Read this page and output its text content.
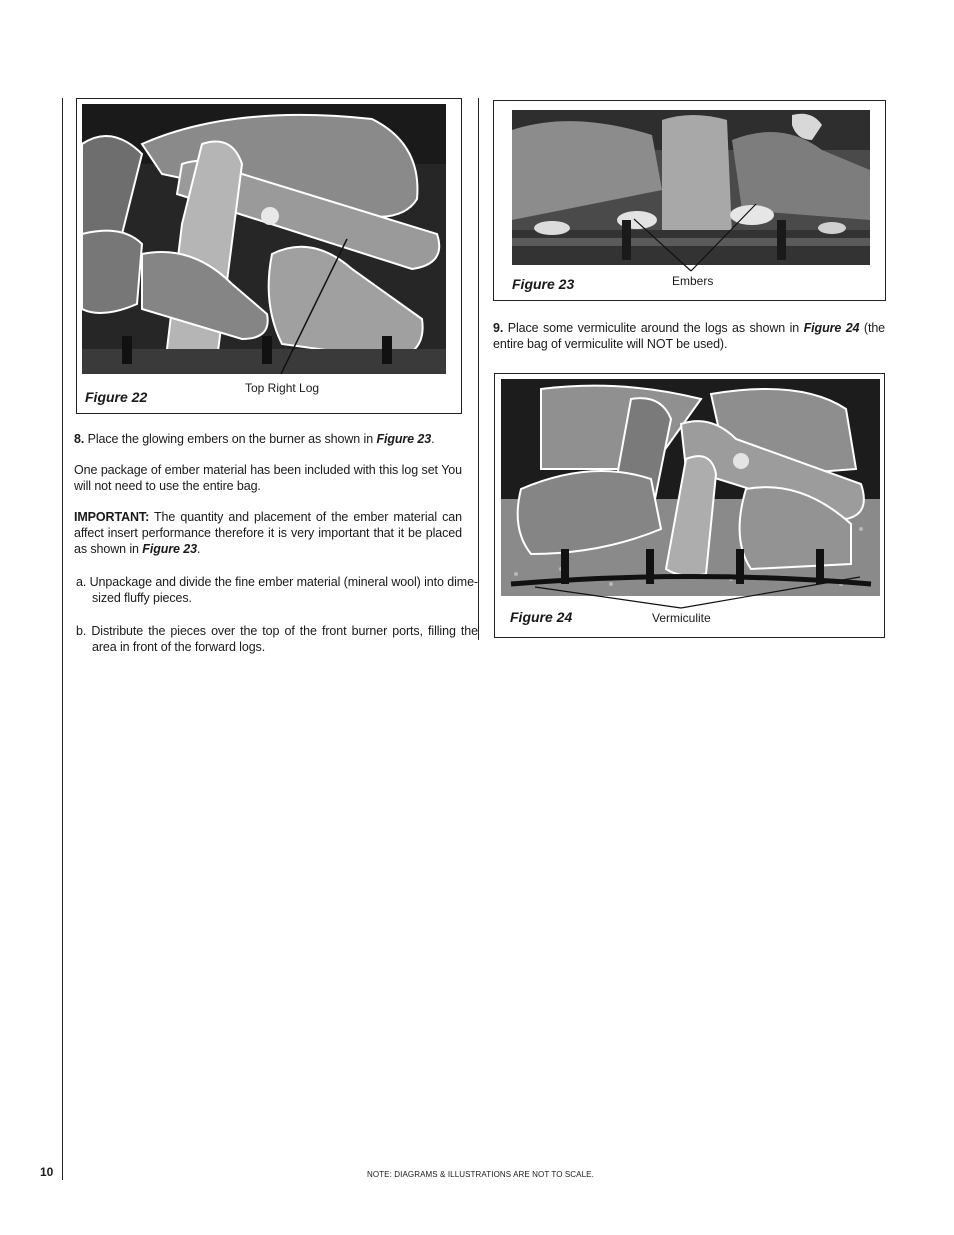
Figure 22
Top Right Log
8. Place the glowing embers on the burner as shown in Figure 23.
One package of ember material has been included with this log set You will not need to use the entire bag.
IMPORTANT: The quantity and placement of the ember material can affect insert performance therefore it is very important that it be placed as shown in Figure 23.
a. Unpackage and divide the fine ember material (mineral wool) into dime-sized fluffy pieces.
b. Distribute the pieces over the top of the front burner ports, filling the area in front of the forward logs.
Figure 23	Embers
9. Place some vermiculite around the logs as shown in Figure 24 (the entire bag of vermiculite will NOT be used).
Figure 24	Vermiculite
10	NOTE: DIAGRAMS & ILLUSTRATIONS ARE NOT TO SCALE.
